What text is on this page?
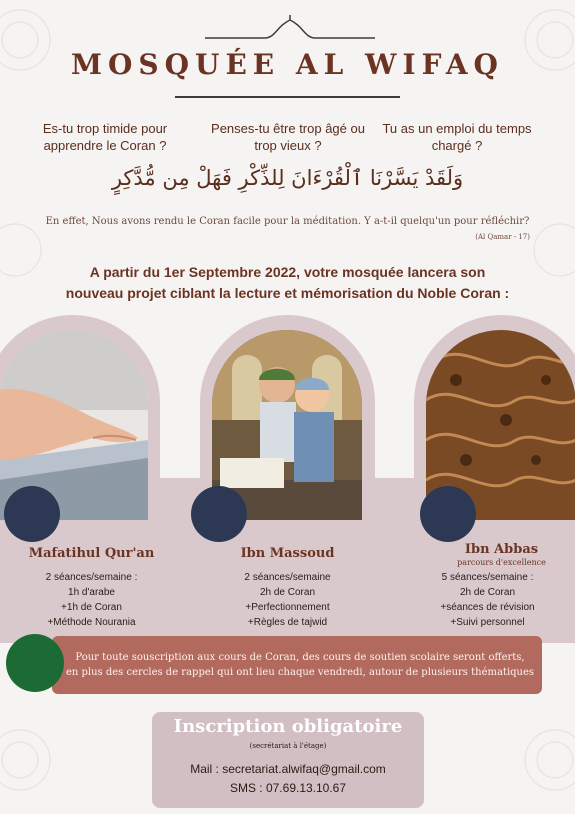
MOSQUÉE AL WIFAQ
Es-tu trop timide pour apprendre le Coran ?
Penses-tu être trop âgé ou trop vieux ?
Tu as un emploi du temps chargé ?
وَلَقَدْ يَسَّرْنَا ٱلْقُرْءَانَ لِلذِّكْرِ فَهَلْ مِن مُّدَّكِرٍ
En effet, Nous avons rendu le Coran facile pour la méditation. Y a-t-il quelqu'un pour réfléchir?
(Al Qamar - 17)
A partir du 1er Septembre 2022, votre mosquée lancera son
nouveau projet ciblant la lecture et mémorisation du Noble Coran :
Mafatihul Qur'an
2 séances/semaine :
1h d'arabe
+1h de Coran
+Méthode Nourania
Ibn Massoud
2 séances/semaine
2h de Coran
+Perfectionnement
+Règles de tajwid
Ibn Abbas
parcours d'excellence
5 séances/semaine :
2h de Coran
+séances de révision
+Suivi personnel
Pour toute souscription aux cours de Coran, des cours de soutien scolaire seront offerts,
en plus des cercles de rappel qui ont lieu chaque vendredi, autour de plusieurs thématiques
Inscription obligatoire
(secrétariat à l'étage)
Mail : secretariat.alwifaq@gmail.com
SMS : 07.69.13.10.67
